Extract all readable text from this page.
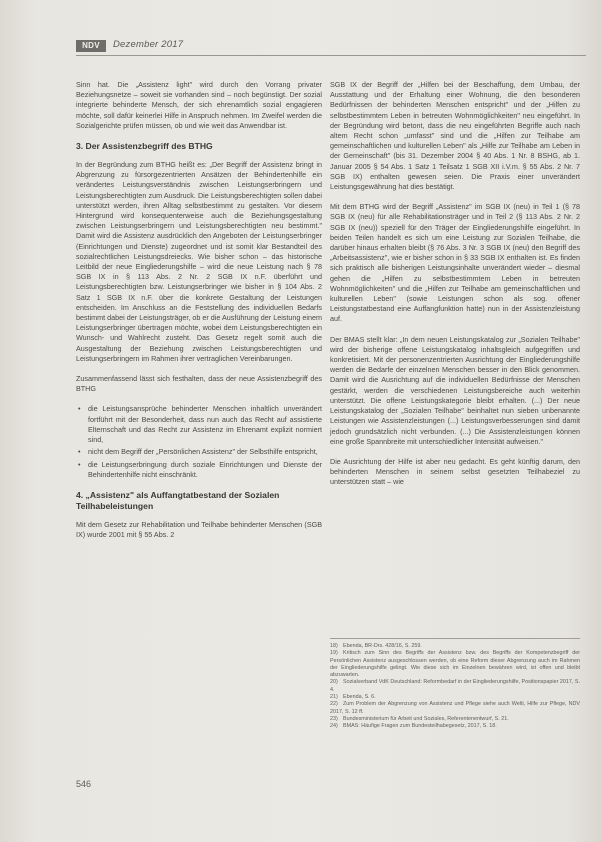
NDV	Dezember 2017

Sinn hat. Die „Assistenz light" wird durch den Vorrang privater Beziehungsnetze – soweit sie vorhanden sind – noch begünstigt. Der sozial integrierte behinderte Mensch, der sich ehrenamtlich sozial engagieren möchte, soll dafür keinerlei Hilfe in Anspruch nehmen. Im Zweifel werden die Sozialgerichte prüfen müssen, ob und wie weit das Anwendbar ist.

3. Der Assistenzbegriff des BTHG

In der Begründung zum BTHG heißt es: „Der Begriff der Assistenz bringt in Abgrenzung zu fürsorgezentrierten Ansätzen der Behindertenhilfe ein verändertes Leistungsverständnis zwischen Leistungserbringern und Leistungsberechtigten zum Ausdruck. Die Leistungsberechtigten sollen dabei unterstützt werden, ihren Alltag selbstbestimmt zu gestalten. Vor diesem Hintergrund wird konsequenterweise auch die Beziehungsgestaltung zwischen Leistungserbringern und Leistungsberechtigten neu bestimmt." Damit wird die Assistenz ausdrücklich den Angeboten der Leistungserbringer (Einrichtungen und Dienste) zugeordnet und ist somit klar Bestandteil des sozialrechtlichen Leistungsdreiecks. Wie bisher schon – das historische Leitbild der neue Eingliederungshilfe – wird die neue Leistung nach § 78 SGB IX in § 113 Abs. 2 Nr. 2 SGB IX n.F. überführt und Leistungsberechtigten bzw. Leistungserbringer wie bisher in § 104 Abs. 2 Satz 1 SGB IX n.F. über die konkrete Gestaltung der Leistungen entscheiden. Im Anschluss an die Feststellung des individuellen Bedarfs bestimmt dabei der Leistungsträger, ob er die Ausführung der Leistung einem Leistungserbringer übertragen möchte, wobei dem Leistungsberechtigten ein Wunsch- und Wahlrecht zusteht. Das Gesetz regelt somit auch die Ausgestaltung der Beziehung zwischen Leistungsberechtigten und Leistungserbringern im Rahmen ihrer vertraglichen Vereinbarungen.

Zusammenfassend lässt sich festhalten, dass der neue Assistenzbegriff des BTHG

• die Leistungsansprüche behinderter Menschen inhaltlich unverändert fortführt mit der Besonderheit, dass nun auch das Recht auf assistierte Elternschaft und das Recht zur Assistenz im Ehrenamt explizit normiert sind,
• nicht dem Begriff der „Persönlichen Assistenz" der Selbsthilfe entspricht,
• die Leistungserbringung durch soziale Einrichtungen und Dienste der Behindertenhilfe nicht einschränkt.
4. „Assistenz" als Auffangtatbestand der Sozialen Teilhabeleistungen

Mit dem Gesetz zur Rehabilitation und Teilhabe behinderter Menschen (SGB IX) wurde 2001 mit § 55 Abs. 2

SGB IX der Begriff der „Hilfen bei der Beschaffung, dem Umbau, der Ausstattung und der Erhaltung einer Wohnung, die den besonderen Bedürfnissen der behinderten Menschen entspricht" und der „Hilfen zu selbstbestimmtem Leben in betreuten Wohnmöglichkeiten" neu eingeführt. In der Begründung wird betont, dass die neu eingeführten Begriffe auch nach altem Recht schon „umfasst" sind und die „Hilfen zur Teilhabe am gemeinschaftlichen und kulturellen Leben" als „Hilfe zur Teilhabe am Leben in der Gemeinschaft" (bis 31. Dezember 2004 § 40 Abs. 1 Nr. 8 BSHG, ab 1. Januar 2005 § 54 Abs. 1 Satz 1 Teilsatz 1 SGB XII i.V.m. § 55 Abs. 2 Nr. 7 SGB IX) enthalten gewesen seien. Die Praxis einer unverändert Leistungsgewährung hat dies bestätigt.

Mit dem BTHG wird der Begriff „Assistenz" im SGB IX (neu) in Teil 1 (§ 78 SGB IX (neu) für alle Rehabilitationsträger und in Teil 2 (§ 113 Abs. 2 Nr. 2 SGB IX (neu)) speziell für den Träger der Eingliederungshilfe eingeführt. In beiden Teilen handelt es sich um eine Leistung zur Sozialen Teilhabe, die darüber hinaus erhalten bleibt (§ 76 Abs. 3 Nr. 3 SGB IX (neu) den Begriff des „Arbeitsassistenz", wie er bisher schon in § 33 SGB IX enthalten ist. Es finden sich praktisch alle bisherigen Leistungsinhalte unverändert wieder – diesmal gehen die „Hilfen zu selbstbestimmtem Leben in betreuten Wohnmöglichkeiten" und die „Hilfen zur Teilhabe am gemeinschaftlichen und kulturellen Leben" (sowie Leistungen schon als sog. offener Leistungstatbestand eine Auffangfunktion hatte) nun in der Assistenzleistung auf.

Der BMAS stellt klar: „In dem neuen Leistungskatalog zur „Sozialen Teilhabe" wird der bisherige offene Leistungskatalog inhaltsgleich aufgegriffen und konkretisiert. Mit der personenzentrierten Ausrichtung der Eingliederungshilfe werden die Bedarfe der einzelnen Menschen besser in den Blick genommen. Damit wird die Ausrichtung auf die individuellen Bedürfnisse der Menschen gestärkt, werden die verschiedenen Leistungsbereiche auch weiterhin unterstützt. Die offene Leistungskategorie bleibt erhalten. (...) Der neue Leistungskatalog der „Sozialen Teilhabe" beinhaltet nun sieben unbenannte Leistungen wie Assistenzleistungen (...) Leistungsverbesserungen sind damit jedoch grundsätzlich nicht verbunden. (...) Die Assistenzleistungen können eine große Spannbreite mit unterschiedlicher Intensität aufweisen."

Die Ausrichtung der Hilfe ist aber neu gedacht. Es geht künftig darum, den behinderten Menschen in seinem selbst gesetzten Teilhabeziel zu unterstützen statt – wie

18) Ebenda, BR-Drs. 428/16, S. 259.

19) Kritisch zum Sinn des Begriffs der Assistenz bzw. des Begriffs der Kompetenzbegriff der Persönlichen Assistenz ausgeschlossen werden, ob eine Reform dieser Abgrenzung auch im Rahmen der Eingliederungshilfe gelingt. Wie diese sich im Einzelnen bewähren wird, ist offen und bleibt abzuwarten.

20) Sozialverband VdK Deutschland: Reformbedarf in der Eingliederungshilfe, Positionspapier 2017, S. 4.

21) Ebenda, S. 6.

22) Zum Problem der Abgrenzung von Assistenz und Pflege siehe auch Welti, Hilfe zur Pflege, NDV 2017, S. 12 ff.

23) Bundesministerium für Arbeit und Soziales, Referentenentwurf, S. 21.

24) BMAS: Häufige Fragen zum Bundesteilhabegesetz, 2017, S. 18.

546
